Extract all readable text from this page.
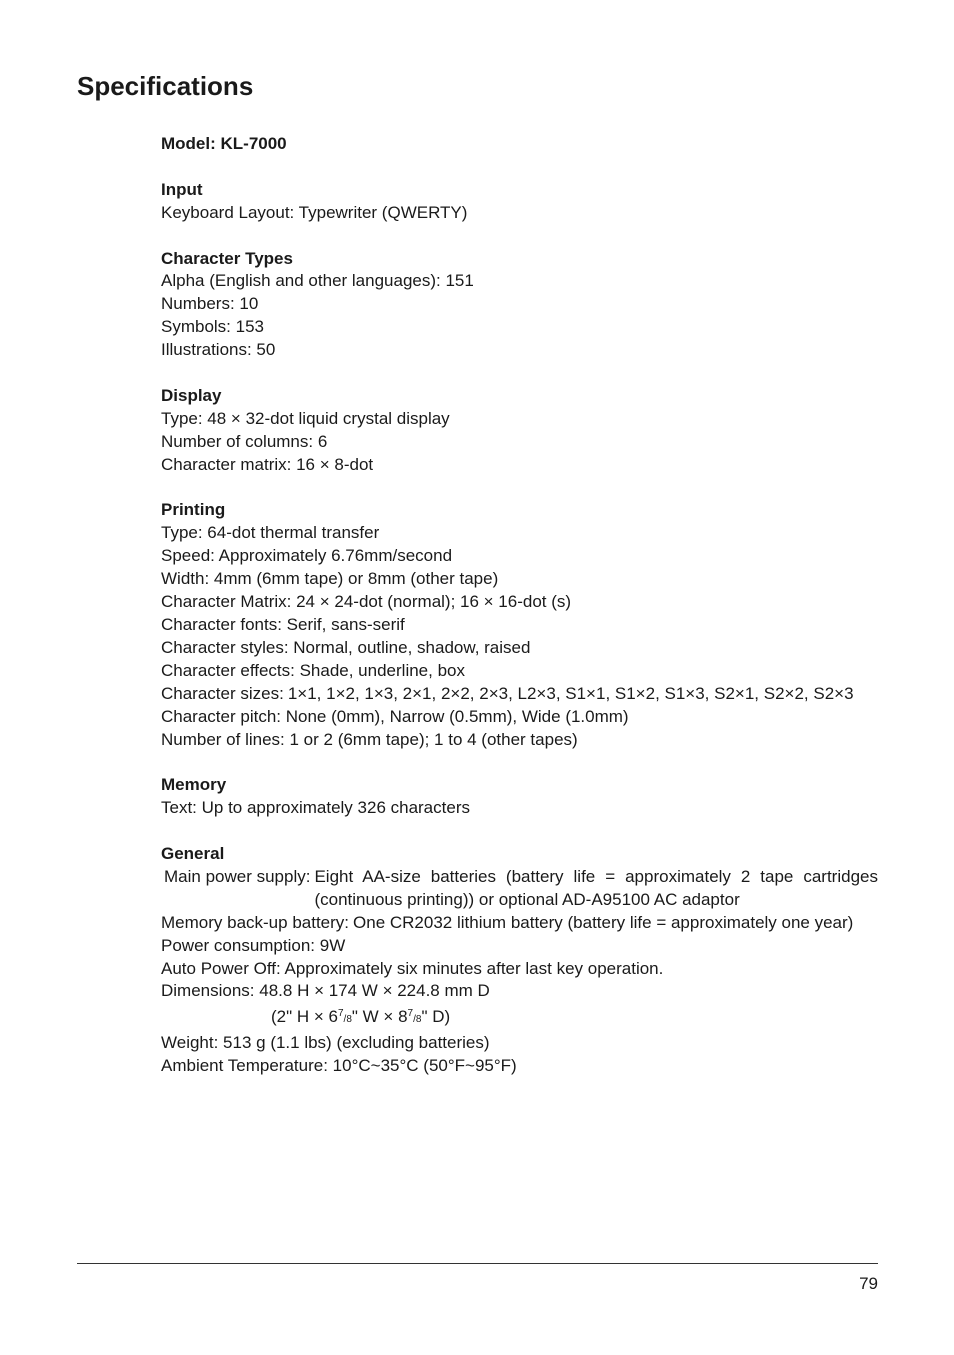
Specifications
Model: KL-7000
Input
Keyboard Layout: Typewriter (QWERTY)
Character Types
Alpha (English and other languages): 151
Numbers: 10
Symbols: 153
Illustrations: 50
Display
Type: 48 × 32-dot liquid crystal display
Number of columns: 6
Character matrix: 16 × 8-dot
Printing
Type: 64-dot thermal transfer
Speed: Approximately 6.76mm/second
Width: 4mm (6mm tape) or 8mm (other tape)
Character Matrix: 24 × 24-dot (normal); 16 × 16-dot (s)
Character fonts: Serif, sans-serif
Character styles: Normal, outline, shadow, raised
Character effects: Shade, underline, box
Character sizes: 1×1, 1×2, 1×3, 2×1, 2×2, 2×3, L2×3, S1×1, S1×2, S1×3, S2×1, S2×2, S2×3
Character pitch: None (0mm), Narrow (0.5mm), Wide (1.0mm)
Number of lines: 1 or 2 (6mm tape); 1 to 4 (other tapes)
Memory
Text: Up to approximately 326 characters
General
Main power supply: Eight AA-size batteries (battery life = approximately 2 tape cartridges (continuous printing)) or optional AD-A95100 AC adaptor
Memory back-up battery: One CR2032 lithium battery (battery life = approximately one year)
Power consumption: 9W
Auto Power Off: Approximately six minutes after last key operation.
Dimensions: 48.8 H × 174 W × 224.8 mm D
(2" $H \times 6^7/8$" $W \times 8^7/8$" D)
Weight: 513 g (1.1 lbs) (excluding batteries)
Ambient Temperature: 10°C~35°C (50°F~95°F)
79
